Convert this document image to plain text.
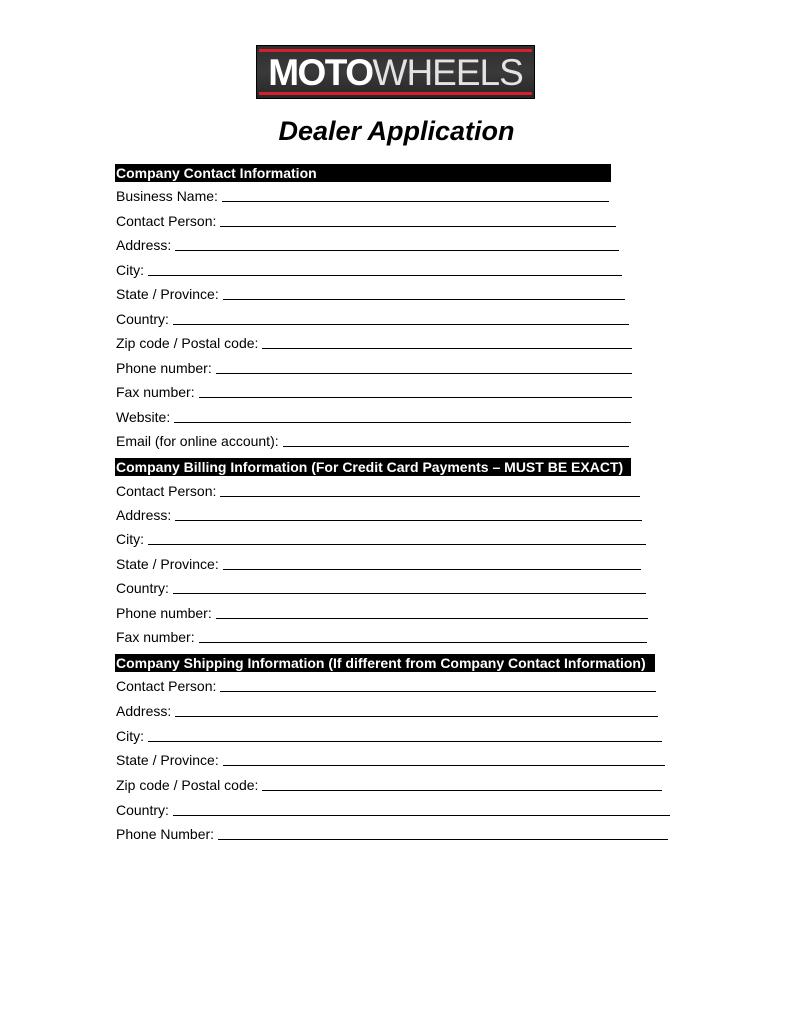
MOTO WHEELS
Dealer Application
Company Contact Information
Business Name:
Contact Person:
Address:
City:
State / Province:
Country:
Zip code / Postal code:
Phone number:
Fax number:
Website:
Email (for online account):
Company Billing Information (For Credit Card Payments – MUST BE EXACT)
Contact Person:
Address:
City:
State / Province:
Country:
Phone number:
Fax number:
Company Shipping Information (If different from Company Contact Information)
Contact Person:
Address:
City:
State / Province:
Zip code / Postal code:
Country:
Phone Number:
